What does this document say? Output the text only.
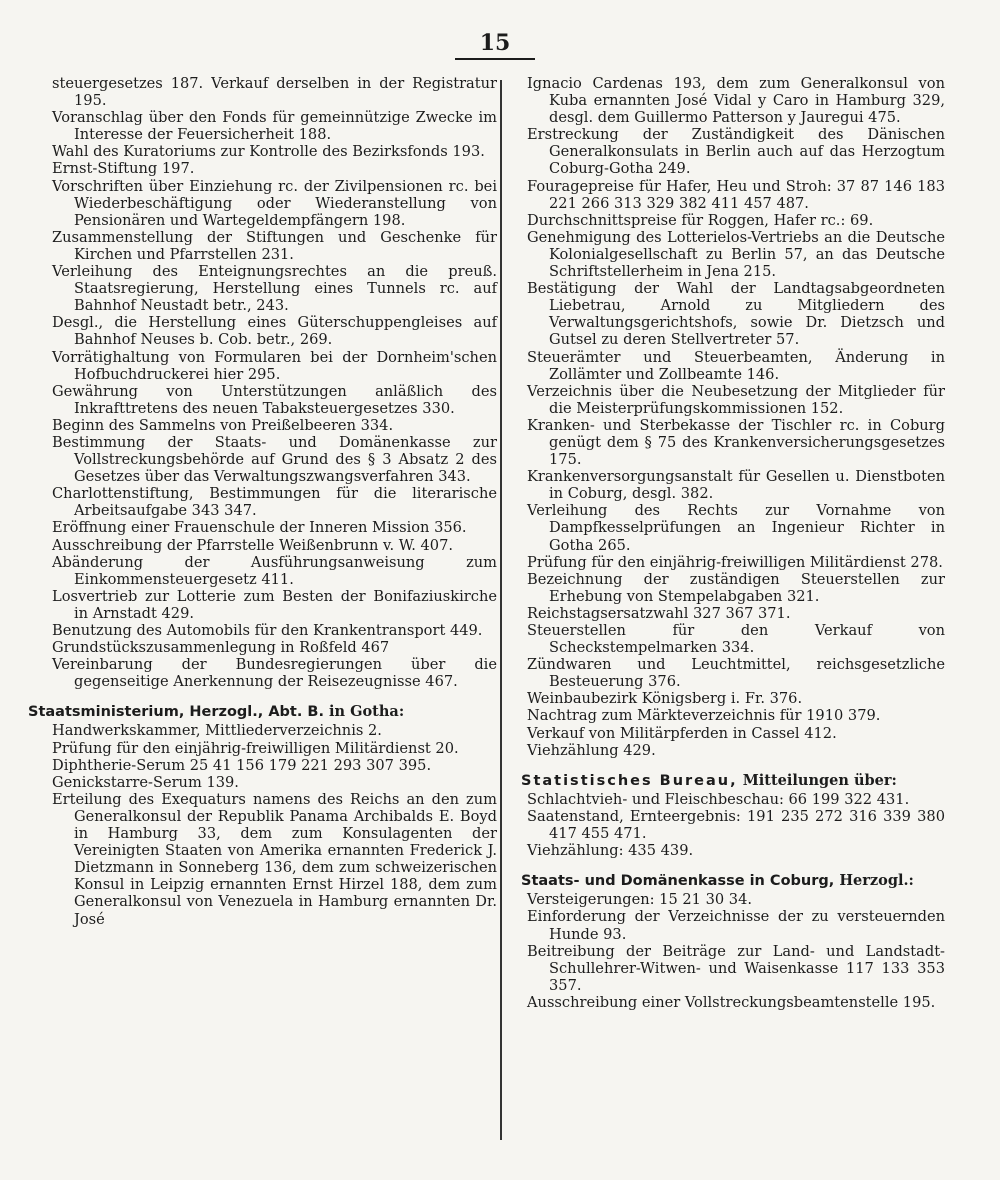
15

steuergesetzes 187. Verkauf derselben in der Registratur 195.

Voranschlag über den Fonds für gemeinnützige Zwecke im Interesse der Feuersicherheit 188.

Wahl des Kuratoriums zur Kontrolle des Bezirksfonds 193.

Ernst-Stiftung 197.

Vorschriften über Einziehung rc. der Zivilpensionen rc. bei Wiederbeschäftigung oder Wiederanstellung von Pensionären und Wartegeldempfängern 198.

Zusammenstellung der Stiftungen und Geschenke für Kirchen und Pfarrstellen 231.

Verleihung des Enteignungsrechtes an die preuß. Staatsregierung, Herstellung eines Tunnels rc. auf Bahnhof Neustadt betr., 243.

Desgl., die Herstellung eines Güterschuppengleises auf Bahnhof Neuses b. Cob. betr., 269.

Vorrätighaltung von Formularen bei der Dornheim'schen Hofbuchdruckerei hier 295.

Gewährung von Unterstützungen anläßlich des Inkrafttretens des neuen Tabaksteuergesetzes 330.

Beginn des Sammelns von Preißelbeeren 334.

Bestimmung der Staats- und Domänenkasse zur Vollstreckungsbehörde auf Grund des § 3 Absatz 2 des Gesetzes über das Verwaltungszwangsverfahren 343.

Charlottenstiftung, Bestimmungen für die literarische Arbeitsaufgabe 343 347.

Eröffnung einer Frauenschule der Inneren Mission 356.

Ausschreibung der Pfarrstelle Weißenbrunn v. W. 407.

Abänderung der Ausführungsanweisung zum Einkommensteuergesetz 411.

Losvertrieb zur Lotterie zum Besten der Bonifaziuskirche in Arnstadt 429.

Benutzung des Automobils für den Krankentransport 449.

Grundstückszusammenlegung in Roßfeld 467

Vereinbarung der Bundesregierungen über die gegenseitige Anerkennung der Reisezeugnisse 467.

Staatsministerium, Herzogl., Abt. B. in Gotha:

Handwerkskammer, Mittliederverzeichnis 2.

Prüfung für den einjährig-freiwilligen Militärdienst 20.

Diphtherie-Serum 25 41 156 179 221 293 307 395.

Genickstarre-Serum 139.

Erteilung des Exequaturs namens des Reichs an den zum Generalkonsul der Republik Panama Archibalds E. Boyd in Hamburg 33, dem zum Konsulagenten der Vereinigten Staaten von Amerika ernannten Frederick J. Dietzmann in Sonneberg 136, dem zum schweizerischen Konsul in Leipzig ernannten Ernst Hirzel 188, dem zum Generalkonsul von Venezuela in Hamburg ernannten Dr. José

Ignacio Cardenas 193, dem zum Generalkonsul von Kuba ernannten José Vidal y Caro in Hamburg 329, desgl. dem Guillermo Patterson y Jauregui 475.

Erstreckung der Zuständigkeit des Dänischen Generalkonsulats in Berlin auch auf das Herzogtum Coburg-Gotha 249.

Fouragepreise für Hafer, Heu und Stroh: 37 87 146 183 221 266 313 329 382 411 457 487.

Durchschnittspreise für Roggen, Hafer rc.: 69.

Genehmigung des Lotterielos-Vertriebs an die Deutsche Kolonialgesellschaft zu Berlin 57, an das Deutsche Schriftstellerheim in Jena 215.

Bestätigung der Wahl der Landtagsabgeordneten Liebetrau, Arnold zu Mitgliedern des Verwaltungsgerichtshofs, sowie Dr. Dietzsch und Gutsel zu deren Stellvertreter 57.

Steuerämter und Steuerbeamten, Änderung in Zollämter und Zollbeamte 146.

Verzeichnis über die Neubesetzung der Mitglieder für die Meisterprüfungskommissionen 152.

Kranken- und Sterbekasse der Tischler rc. in Coburg genügt dem § 75 des Krankenversicherungsgesetzes 175.

Krankenversorgungsanstalt für Gesellen u. Dienstboten in Coburg, desgl. 382.

Verleihung des Rechts zur Vornahme von Dampfkesselprüfungen an Ingenieur Richter in Gotha 265.

Prüfung für den einjährig-freiwilligen Militärdienst 278.

Bezeichnung der zuständigen Steuerstellen zur Erhebung von Stempelabgaben 321.

Reichstagsersatzwahl 327 367 371.

Steuerstellen für den Verkauf von Scheckstempelmarken 334.

Zündwaren und Leuchtmittel, reichsgesetzliche Besteuerung 376.

Weinbaubezirk Königsberg i. Fr. 376.

Nachtrag zum Märkteverzeichnis für 1910 379.

Verkauf von Militärpferden in Cassel 412.

Viehzählung 429.

Statistisches Bureau, Mitteilungen über:

Schlachtvieh- und Fleischbeschau: 66 199 322 431.

Saatenstand, Ernteergebnis: 191 235 272 316 339 380 417 455 471.

Viehzählung: 435 439.

Staats- und Domänenkasse in Coburg, Herzogl.:

Versteigerungen: 15 21 30 34.

Einforderung der Verzeichnisse der zu versteuernden Hunde 93.

Beitreibung der Beiträge zur Land- und Landstadt-Schullehrer-Witwen- und Waisenkasse 117 133 353 357.

Ausschreibung einer Vollstreckungsbeamtenstelle 195.
